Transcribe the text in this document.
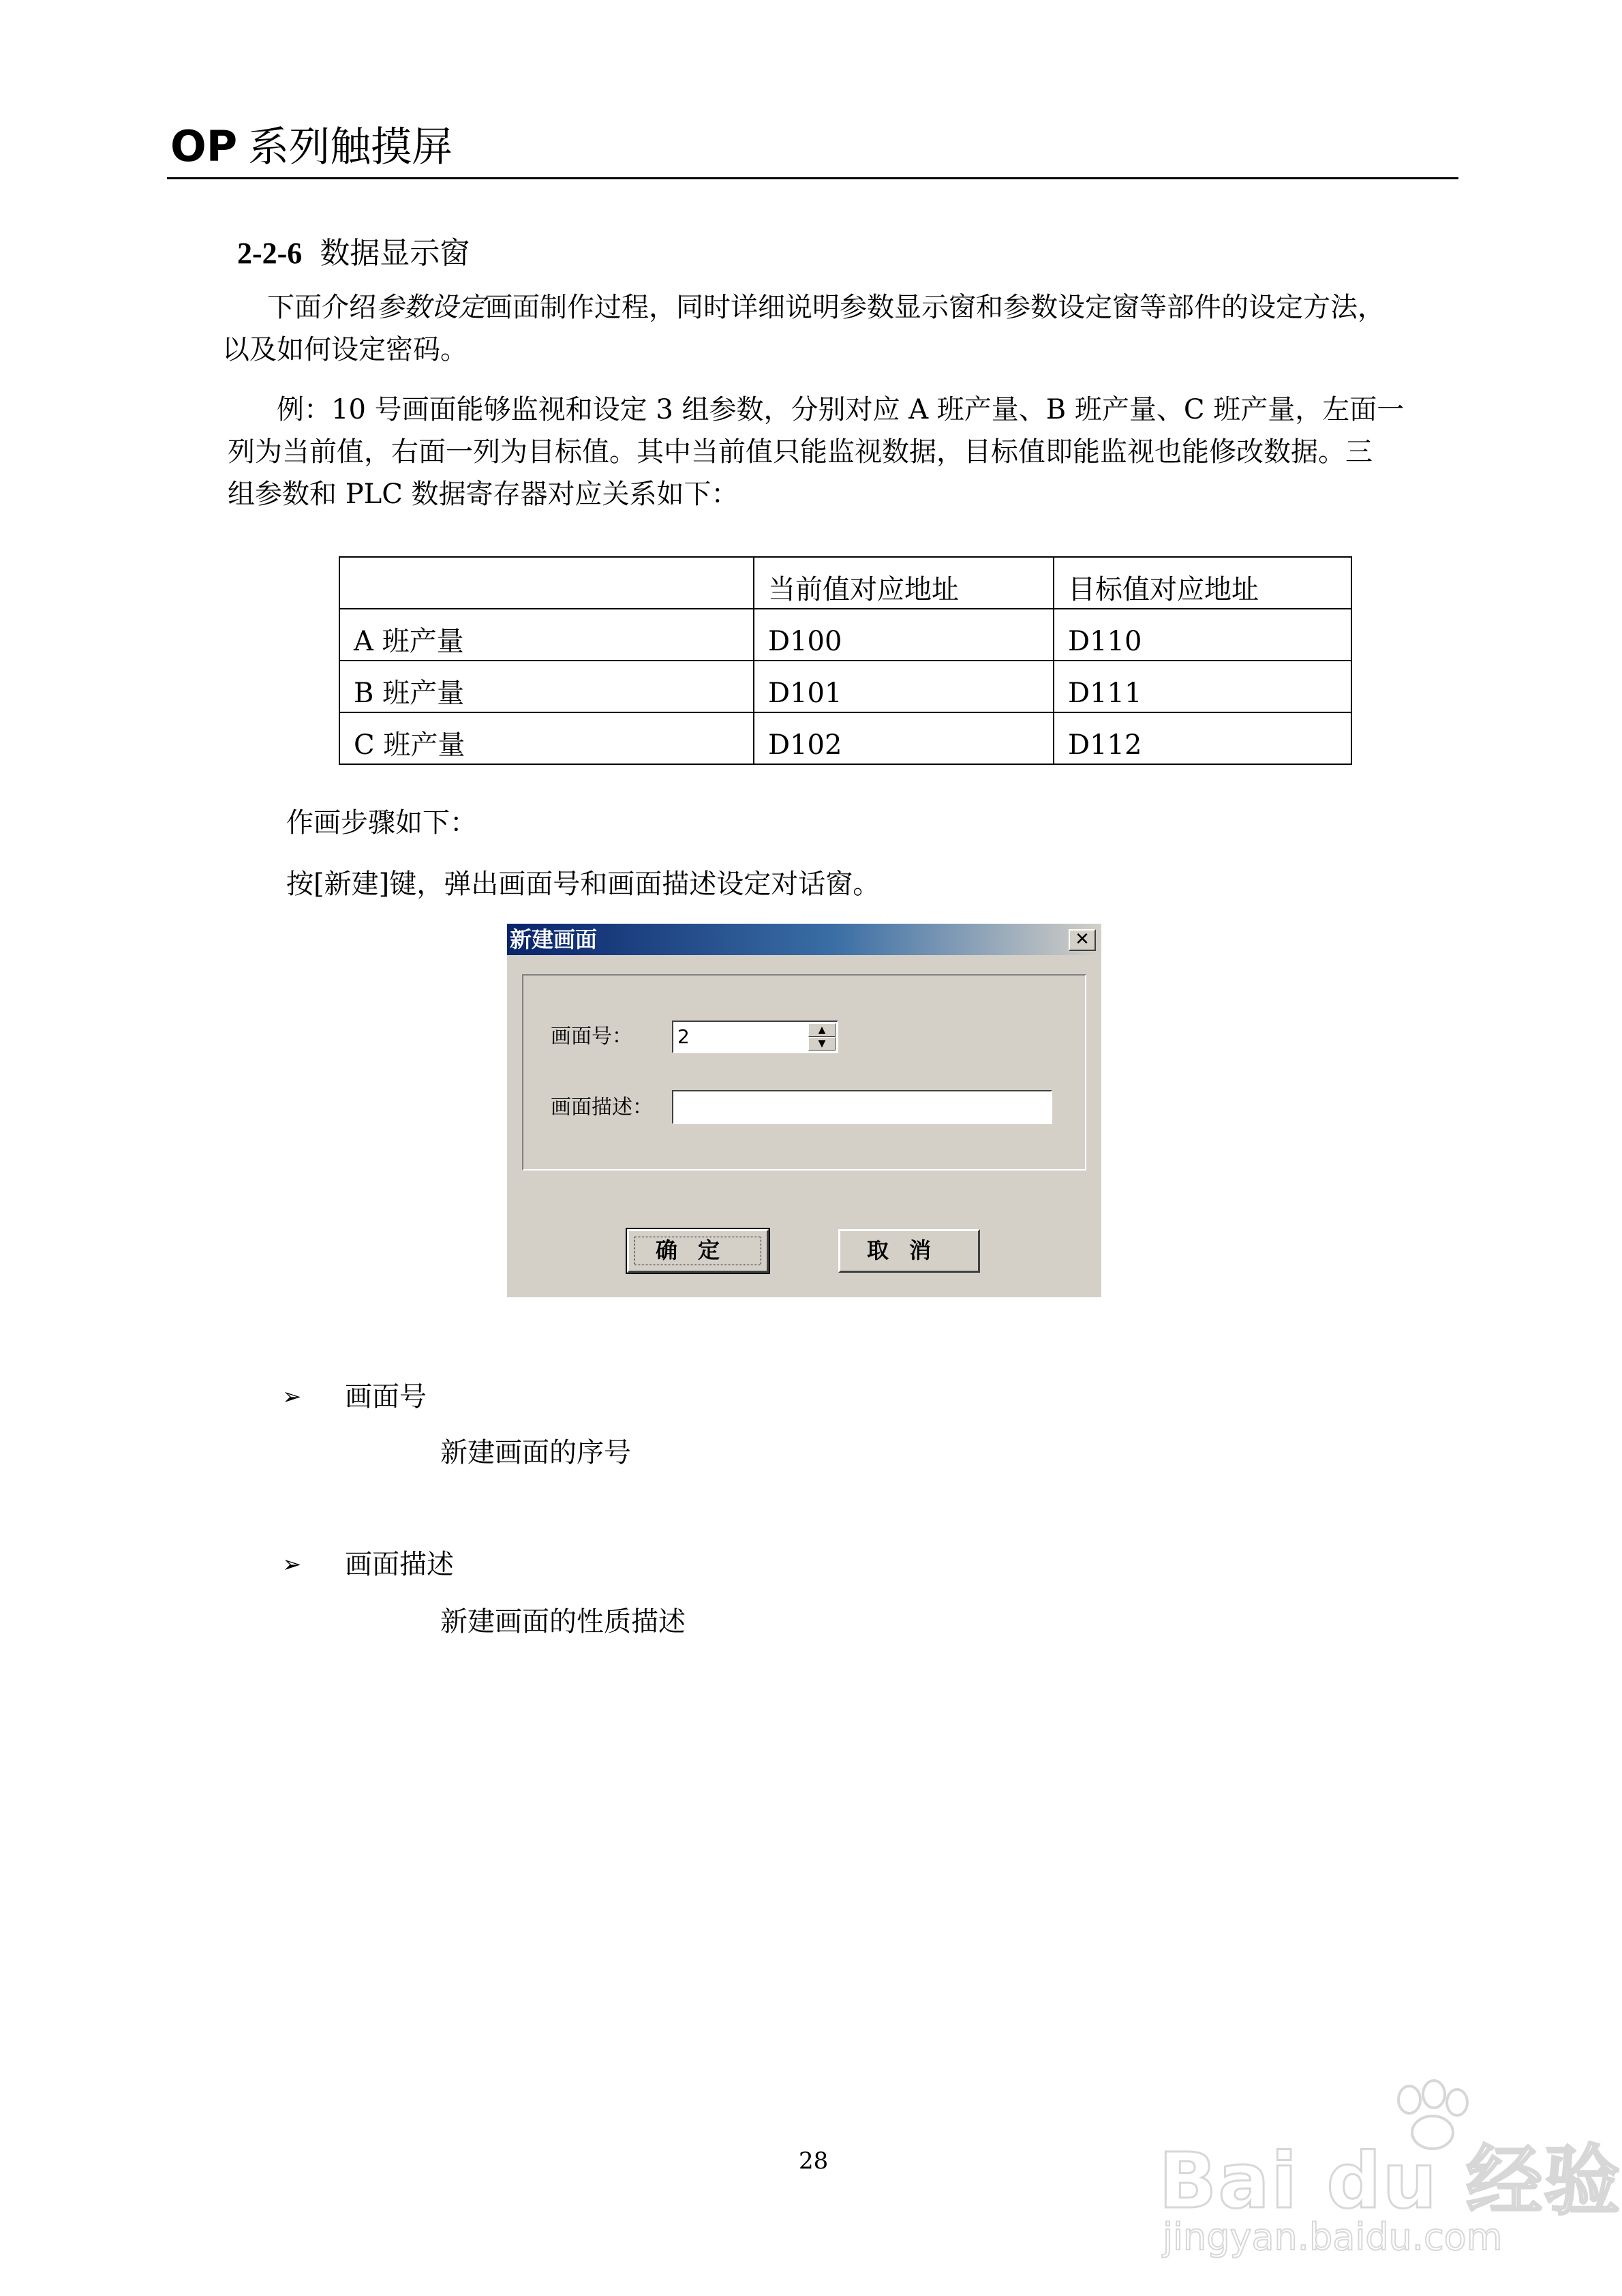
OP 系列触摸屏
2-2-6 数据显示窗
下面介绍参数设定画面制作过程，同时详细说明参数显示窗和参数设定窗等部件的设定方法，
以及如何设定密码。
例：10 号画面能够监视和设定 3 组参数，分别对应 A 班产量、B 班产量、C 班产量，左面一
列为当前值，右面一列为目标值。其中当前值只能监视数据，目标值即能监视也能修改数据。三
组参数和 PLC 数据寄存器对应关系如下：
	当前值对应地址	目标值对应地址
A 班产量	D100	D110
B 班产量	D101	D111
C 班产量	D102	D112
作画步骤如下：
按[新建]键，弹出画面号和画面描述设定对话窗。
新建画面	✕
画面号： 2	▲
▼
画面描述：
确定	取消
➢ 画面号
新建画面的序号
➢ 画面描述
新建画面的性质描述
28	Bai du 经验
jingyan.baidu.com
